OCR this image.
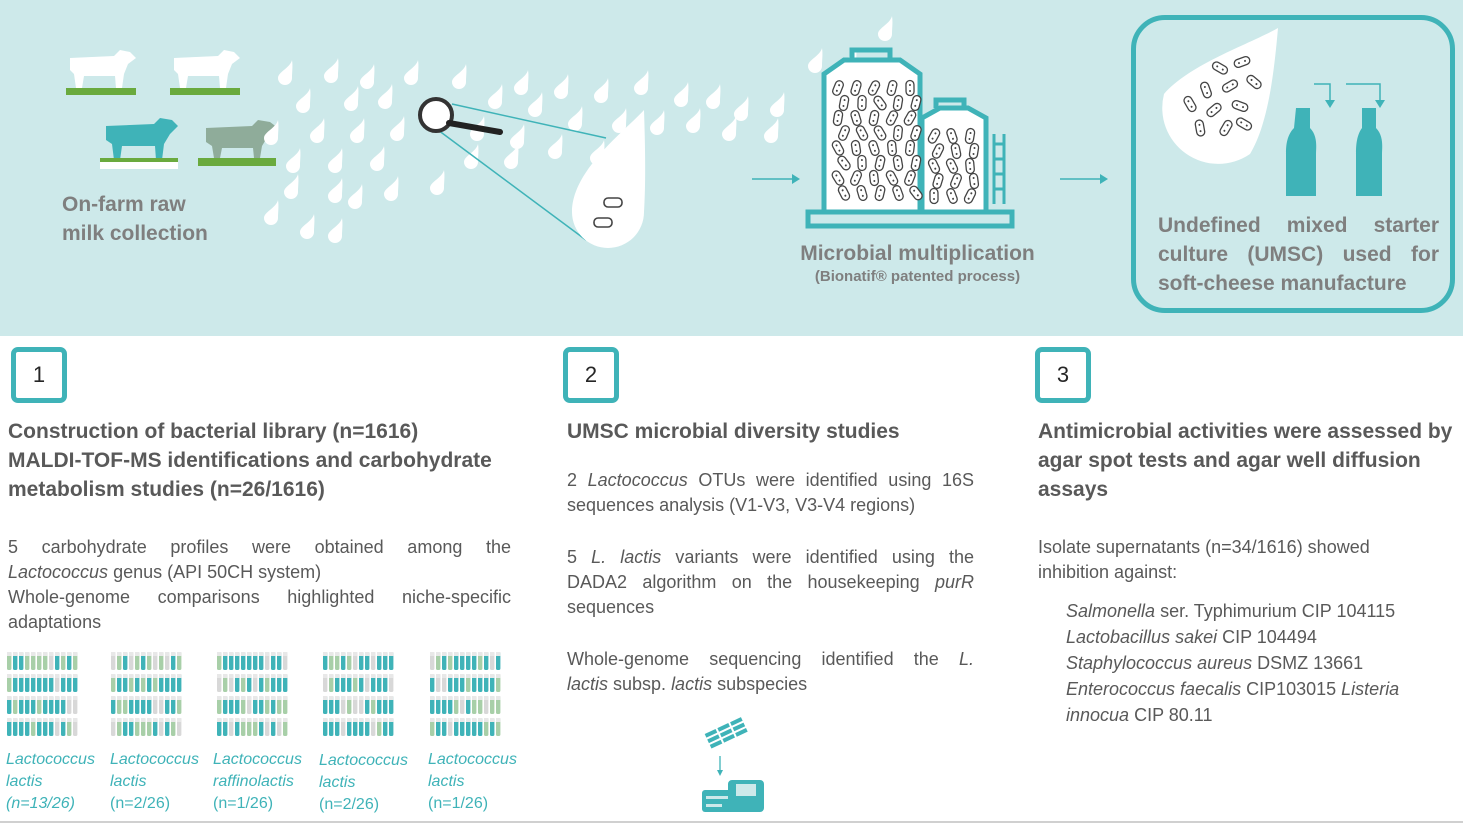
On-farm raw
milk collection
Microbial multiplication
(Bionatif® patented process)
Undefined mixed starter
culture (UMSC) used for
soft-cheese manufacture
1
Construction of bacterial library (n=1616)
MALDI-TOF-MS identifications and carbohydrate
metabolism studies (n=26/1616)
5 carbohydrate profiles were obtained among the
Lactococcus genus (API 50CH system)
Whole-genome comparisons highlighted niche-specific
adaptations
Lactococcus
lactis
(n=13/26)
Lactococcus
lactis
(n=2/26)
Lactococcus
raffinolactis
(n=1/26)
Lactococcus
lactis
(n=2/26)
Lactococcus
lactis
(n=1/26)
2
UMSC microbial diversity studies
2 Lactococcus OTUs were identified using 16S
sequences analysis (V1-V3, V3-V4 regions)
5 L. lactis variants were identified using the
DADA2 algorithm on the housekeeping purR
sequences
Whole-genome sequencing identified the L.
lactis subsp. lactis subspecies
3
Antimicrobial activities were assessed by
agar spot tests and agar well diffusion
assays
Isolate supernatants (n=34/1616) showed
inhibition against:
Salmonella ser. Typhimurium CIP 104115
Lactobacillus sakei CIP 104494
Staphylococcus aureus DSMZ 13661
Enterococcus faecalis CIP103015 Listeria
innocua CIP 80.11
